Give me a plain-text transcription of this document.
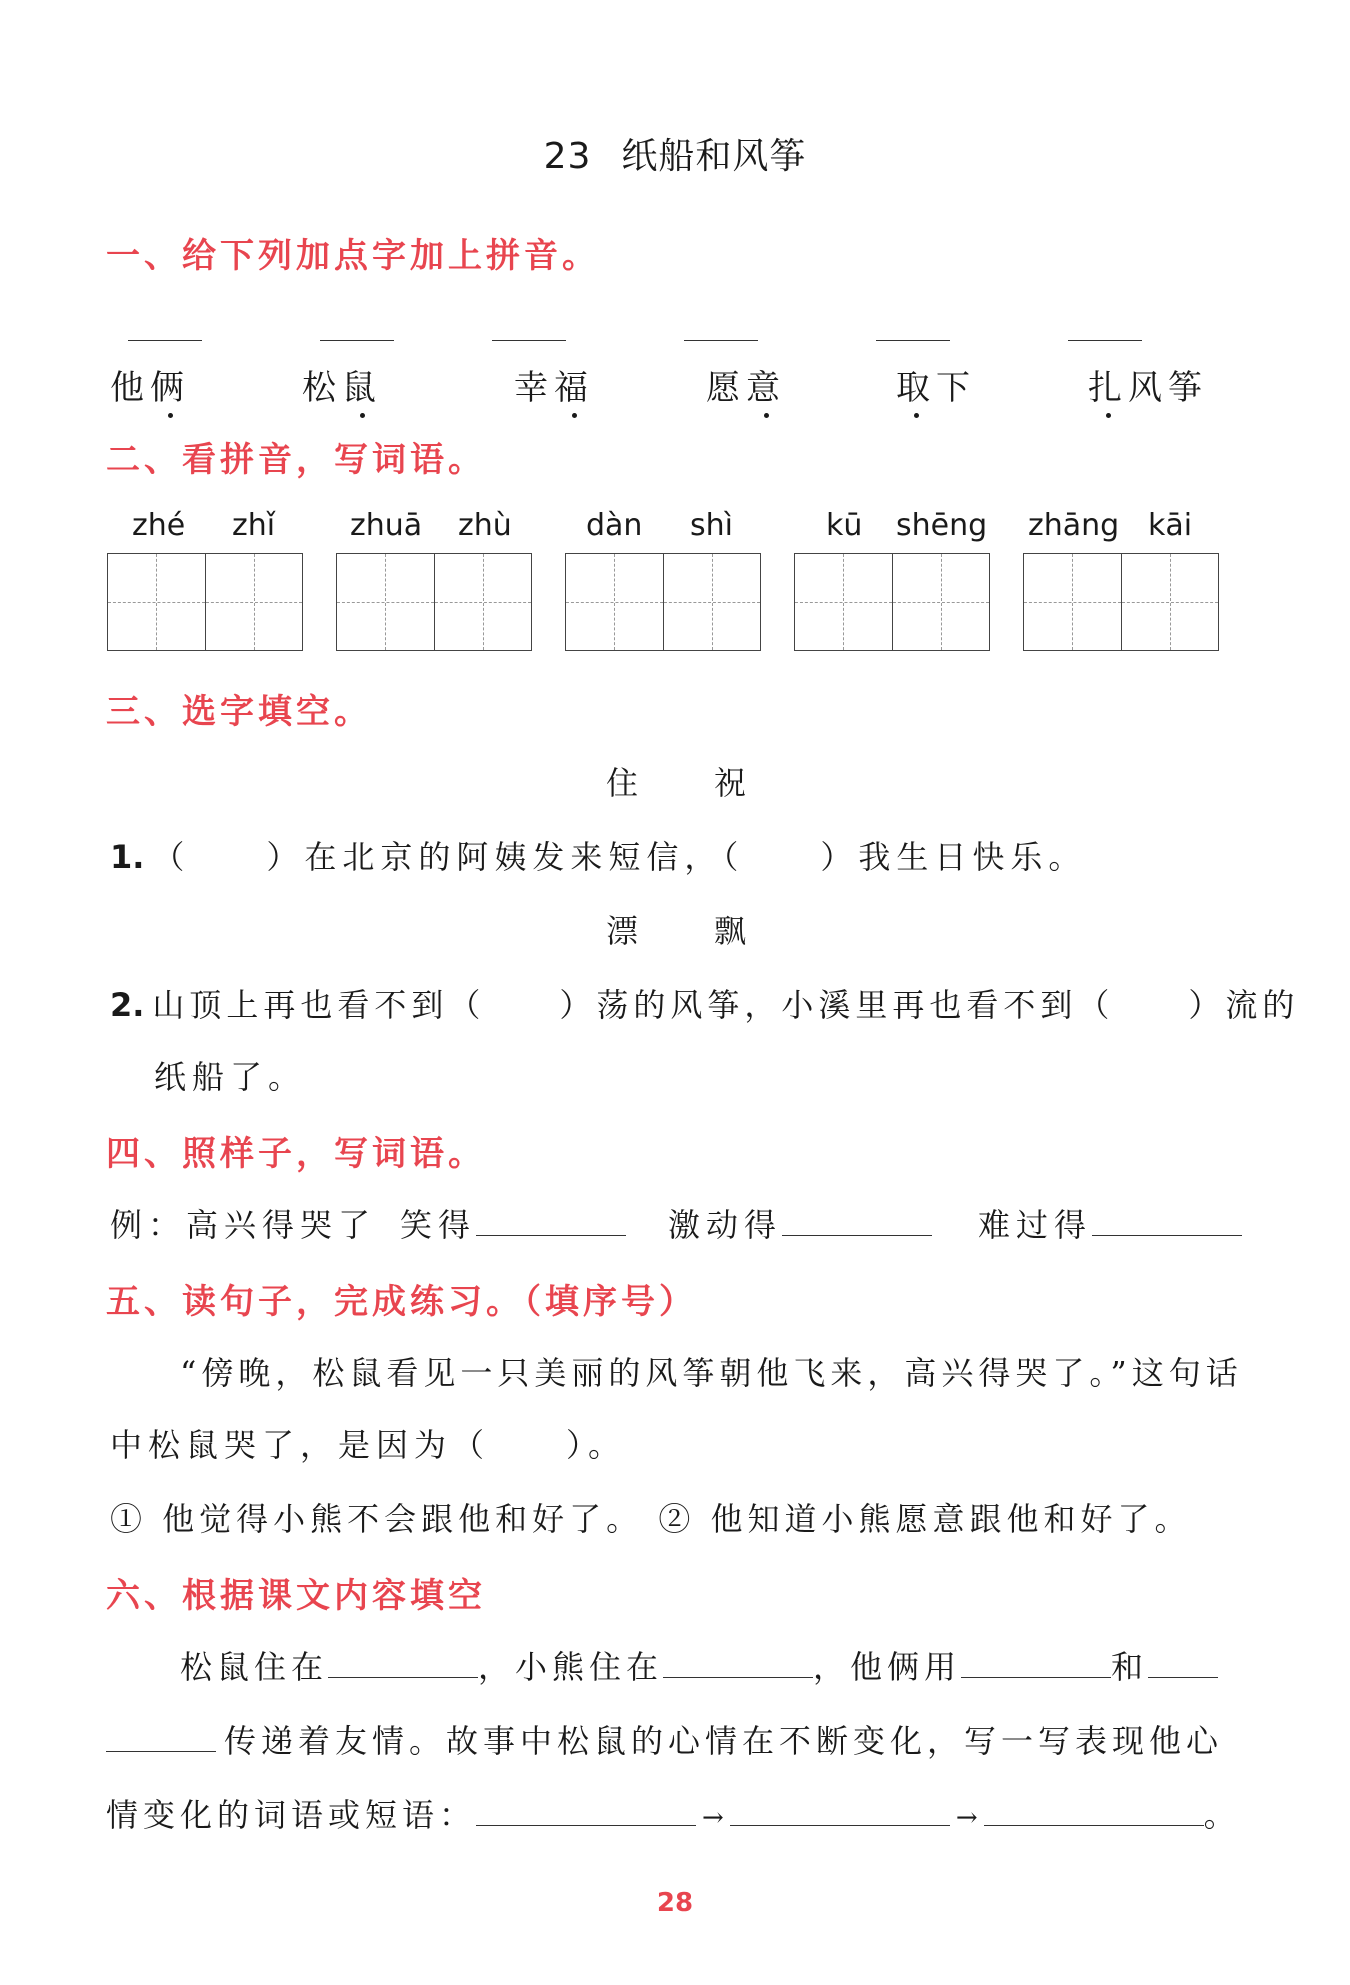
23 纸船和风筝
一、给下列加点字加上拼音。
他俩	松鼠	幸福	愿意	取下	扎风筝
二、看拼音，写词语。
zhé zhǐ zhuā zhù dàn shì	kū shēng zhāng kāi
三、选字填空。
住　　祝
1. （　　）在北京的阿姨发来短信，（　　）我生日快乐。
漂　　飘
2. 山顶上再也看不到（　　）荡的风筝，小溪里再也看不到（　　）流的
纸船了。
四、照样子，写词语。
例：高兴得哭了 笑得	激动得	难过得
五、读句子，完成练习。（填序号）
“傍晚，松鼠看见一只美丽的风筝朝他飞来，高兴得哭了。”这句话
中松鼠哭了，是因为（　　）。
① 他觉得小熊不会跟他和好了。 ② 他知道小熊愿意跟他和好了。
六、根据课文内容填空
松鼠住在	，小熊住在	，他俩用	和
传递着友情。故事中松鼠的心情在不断变化，写一写表现他心
情变化的词语或短语：	→	→	。
28
